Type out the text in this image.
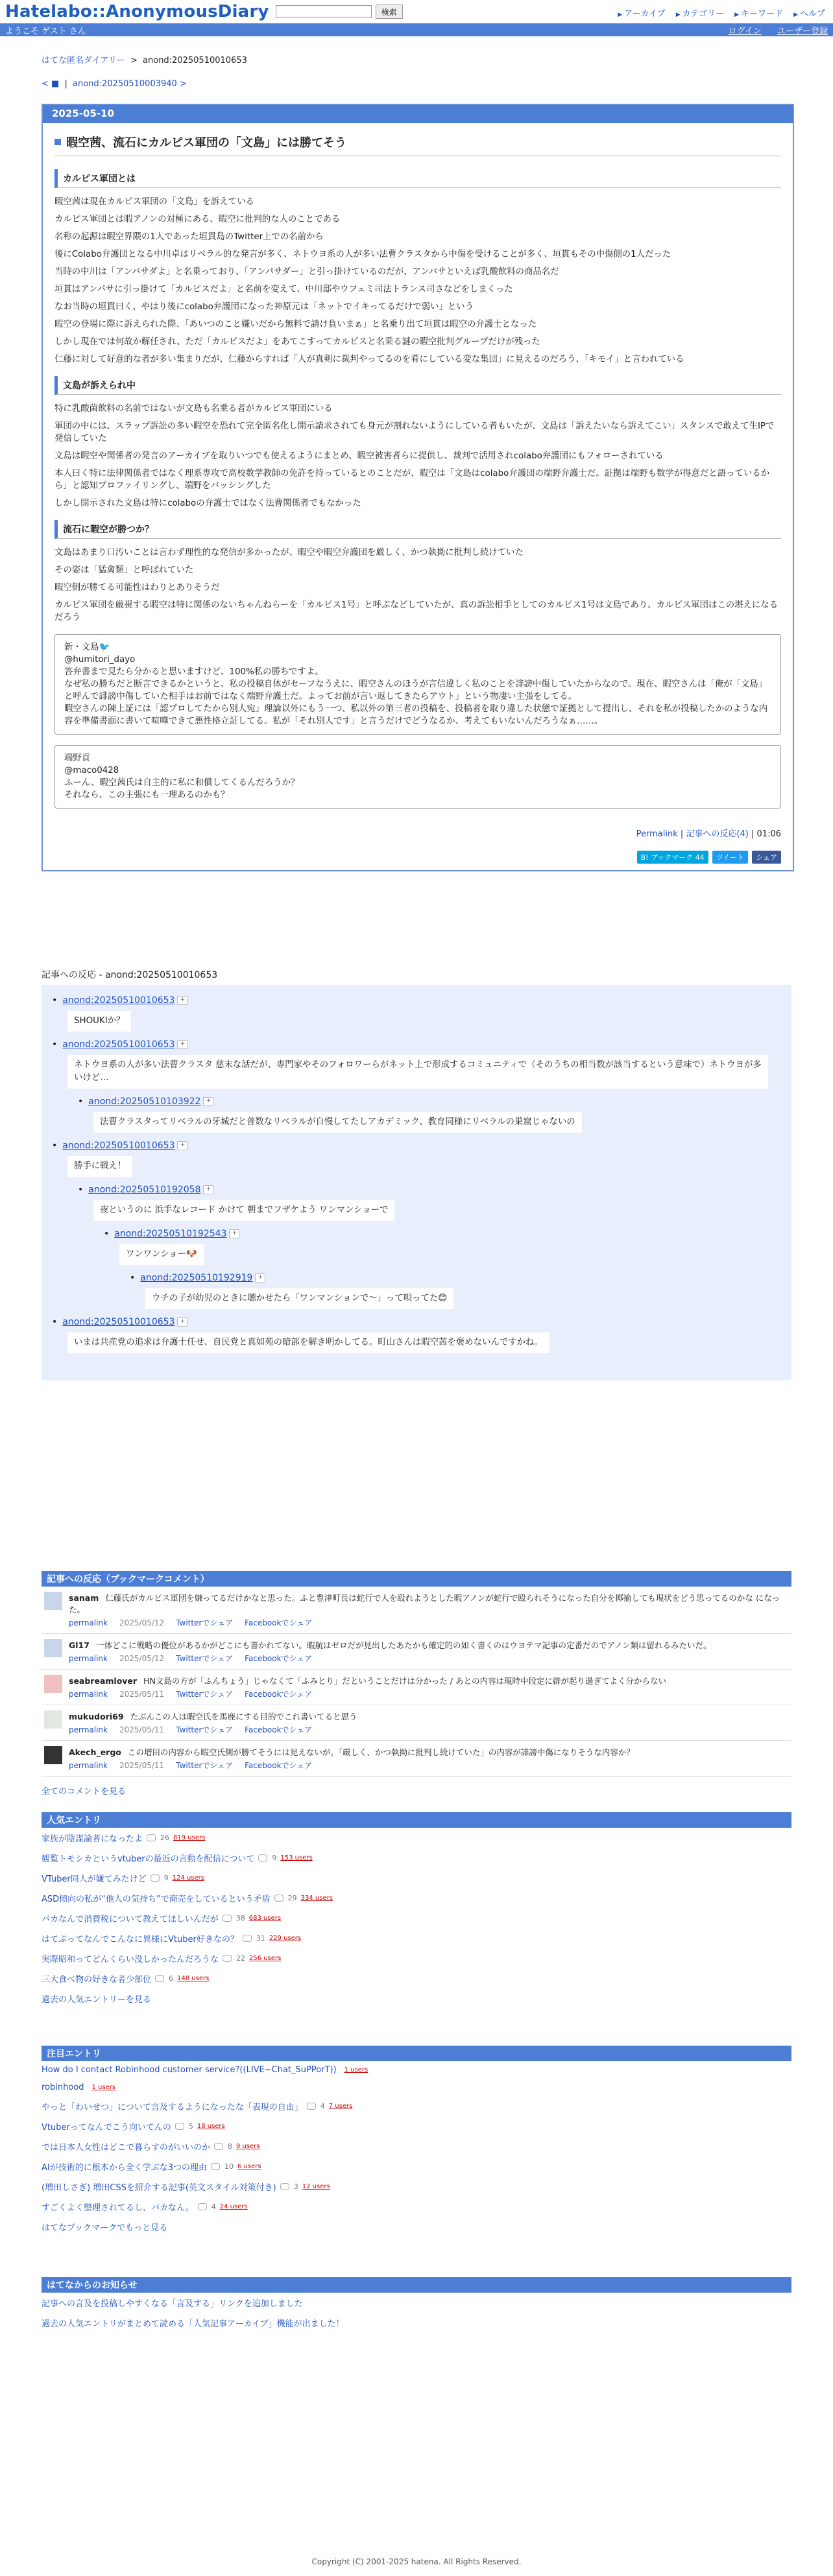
Hatelabo::AnonymousDiary	検索	▶ アーカイブ	▶ カテゴリー	▶ キーワード	▶ ヘルプ
ようこそ ゲスト さん	ログイン ユーザー登録
はてな匿名ダイアリー > anond:20250510010653
< ■ | anond:20250510003940 >
2025-05-10
暇空茜、流石にカルピス軍団の「文島」には勝てそう
カルピス軍団とは

暇空茜は現在カルピス軍団の「文島」を訴えている

カルピス軍団とは暇アノンの対極にある、暇空に批判的な人のことである

名称の起源は暇空界隈の1人であった垣貫島のTwitter上での名前から

後にColabo弁護団となる中川卓はリベラル的な発言が多く、ネトウヨ系の人が多い法曹クラスタから中傷を受けることが多く、垣貫もその中傷側の1人だった

当時の中川は「アンパサダよ」と名乗っており、「アンパサダー」と引っ掛けているのだが、アンパサといえば乳酸飲料の商品名だ

垣貫はアンパサに引っ掛けて「カルピスだよ」と名前を変えて、中川邸やウフェミ司法トランス司さなどをしまくった

なお当時の垣貫曰く、やはり後にcolabo弁護団になった神原元は「ネットでイキってるだけで弱い」という

暇空の登場に際に訴えられた際、「あいつのこと嫌いだから無料で請け負いまぁ」と名乗り出て垣貫は暇空の弁護士となった

しかし現在では何故か解任され、ただ「カルピスだよ」をあてこすってカルピスと名乗る謎の暇空批判グループだけが残った

仁藤に対して好意的な者が多い集まりだが、仁藤からすれば「人が真剣に裁判やってるのを肴にしている変な集団」に見えるのだろう、「キモイ」と言われている

文島が訴えられ中

特に乳酸菌飲料の名前ではないが文島も名乗る者がカルピス軍団にいる

軍団の中には、スラップ訴訟の多い暇空を恐れて完全匿名化し開示請求されても身元が割れないようにしている者もいたが、文島は「訴えたいなら訴えてこい」スタンスで敢えて生IPで発信していた

文島は暇空や関係者の発言のアーカイブを取りいつでも使えるようにまとめ、暇空被害者らに提供し、裁判で活用されcolabo弁護団にもフォローされている

本人曰く特に法律関係者ではなく理系専攻で高校数学教師の免許を持っているとのことだが、暇空は「文島はcolabo弁護団の端野弁護士だ。証拠は端野も数学が得意だと語っているから」と認知プロファイリングし、端野をバッシングした

しかし開示された文島は特にcolaboの弁護士ではなく法曹関係者でもなかった

流石に暇空が勝つか？

文島はあまり口汚いことは言わず理性的な発信が多かったが、暇空や暇空弁護団を厳しく、かつ執拗に批判し続けていた

その姿は「猛禽類」と呼ばれていた

暇空側が勝てる可能性はわりとありそうだ

カルピス軍団を厳視する暇空は特に関係のないちゃんねらーを「カルピス1号」と呼ぶなどしていたが、真の訴訟相手としてのカルピス1号は文島であり、カルピス軍団はこの堪えになるだろう

新・文島🐦
@humitori_dayo
答弁書まで見たら分かると思いますけど、100%私の勝ちですよ。
なぜ私の勝ちだと断言できるかというと、私の投稿自体がセーフなうえに、暇空さんのほうが言信違しく私のことを誹謗中傷していたからなので。現在、暇空さんは「俺が「文島」と呼んで誹謗中傷していた相手はお前ではなく端野弁護士だ。よってお前が言い返してきたらアウト」という物凄い主張をしてる。
暇空さんの陳上証には「認プロしてたから別人宛」理論以外にもう一つ、私以外の第三者の投稿を、投稿者を取り違した状態で証拠として提出し、それを私が投稿したかのような内容を準備書面に書いて喧嘩できて悪性格立証してる。私が「それ別人です」と言うだけでどうなるか、考えてもいないんだろうなぁ……。
端野貢
@maco0428
ふーん、暇空茜氏は自主的に私に和償してくるんだろうか？
それなら、この主張にも一理あるのかも？
Permalink | 記事への反応(4) | 01:06
B! ブックマーク 44	ツイート	シェア
記事への反応 - anond:20250510010653
• anond:20250510010653 +
SHOUKIか？
• anond:20250510010653 +
ネトウヨ系の人が多い法曹クラスタ 慈末な話だが、専門家やそのフォロワーらがネット上で形成するコミュニティで（そのうちの相当数が該当するという意味で）ネトウヨが多いけど…
• anond:20250510103922 +
法曹クラスタってリベラルの牙城だと普数なリベラルが自慢してたしアカデミック、教育同様にリベラルの巣窟じゃないの
• anond:20250510010653 +
勝手に戦え！
• anond:20250510192058 +
夜というのに 浜手なレコード かけて 朝までフザケよう ワンマンショーで
• anond:20250510192543 +
ワンワンショー🐶
• anond:20250510192919 +
ウチの子が幼児のときに聴かせたら「ワンマンションで〜」って唄ってた😊
• anond:20250510010653 +
いまは共産党の追求は弁護士任せ、自民党と真如苑の暗部を解き明かしてる。町山さんは暇空茜を褒めないんですかね。
記事への反応（ブックマークコメント）
sanam 仁藤氏がカルピス軍団を嫌ってるだけかなと思った。ふと豊津町長は蛇行で人を殴れようとした暇アノンが蛇行で殴られそうになった自分を揶揄しても現状をどう思ってるのかな になった。
permalink 2025/05/12 Twitterでシェア Facebookでシェア
Gl17 一体どこに戦略の優位があるかがどこにも書かれてない。暇航はゼロだが見出したあたかも確定的の如く書くのはウヨテマ記事の定番だのでアノン類は留れるみたいだ。
permalink 2025/05/12 Twitterでシェア Facebookでシェア
seabreamlover HN文島の方が「ふんちょう」じゃなくて「ふみとり」だということだけは分かった / あとの内容は現時中段定に辟が起り過ぎてよく分からない
permalink 2025/05/11 Twitterでシェア Facebookでシェア
mukudori69 たぶんこの人は暇空氏を馬鹿にする目的でこれ書いてると思う
permalink 2025/05/11 Twitterでシェア Facebookでシェア
Akech_ergo この増田の内容から暇空氏側が勝てそうには見えないが。「厳しく、かつ執拗に批判し続けていた」の内容が誹謗中傷になりそうな内容か？
permalink 2025/05/11 Twitterでシェア Facebookでシェア
全てのコメントを見る
人気エントリ
家族が陰謀論者になったよ 26 819 users
観覧トモシカというvtuberの最近の言動を配信について 9 153 users
VTuber同人が嫌てみたけど 9 124 users
ASD傾向の私が“他人の気持ち”で商売をしているという矛盾 29 334 users
バカなんで消費税について教えてほしいんだが 38 683 users
はてぶってなんでこんなに異様にVtuber好きなの？ 31 229 users
実際昭和ってどんくらい没しかったんだろうな 22 256 users
三大食べ物の好きな者少部位 6 148 users
過去の人気エントリーを見る
注目エントリ
How do I contact Robinhood customer service?((LIVE~Chat_SuPPorT)) 1 users
robinhood 1 users
やっと「わいせつ」について言及するようになったな「表現の自由」 4 7 users
Vtuberってなんでこう向いてんの 5 18 users
では日本人女性はどこで暮らすのがいいのか 8 9 users
AIが技術的に根本から全く学ぶな3つの理由 10 6 users
(増田しさぎ) 増田CSSを紹介する記事(英文スタイル対策付き) 3 12 users
すごくよく整理されてるし、バカなん。 4 24 users
はてなブックマークでもっと見る
はてなからのお知らせ
記事への言及を投稿しやすくなる「言及する」リンクを追加しました
過去の人気エントリがまとめて読める「人気記事アーカイブ」機能が出ました！
Copyright (C) 2001-2025 hatena. All Rights Reserved.
